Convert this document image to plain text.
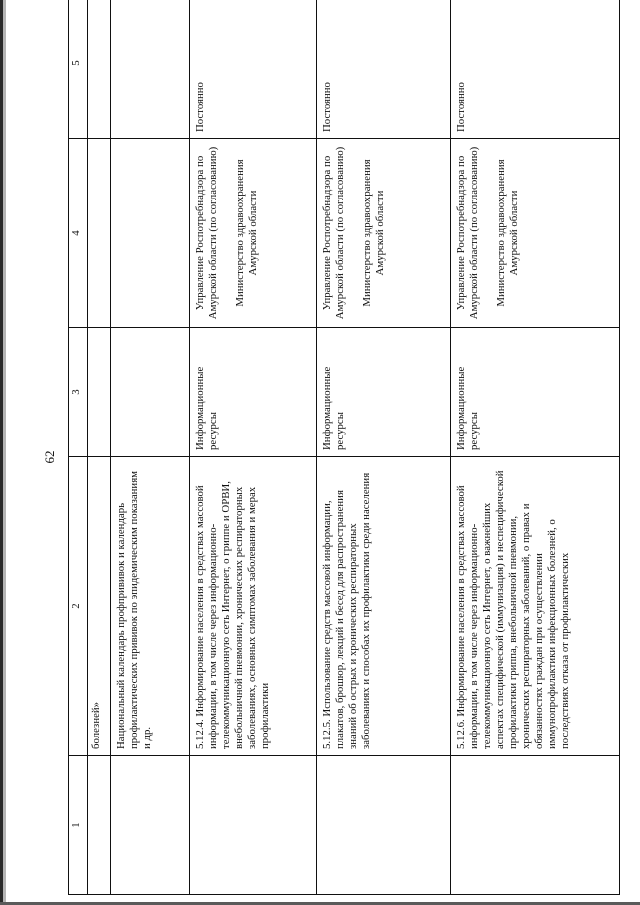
62
1	2	3	4	5
	болезней»			
	Национальный календарь профпрививок и календарь профилактических прививок по эпидемическим показаниям и др.		

	5.12.4. Информирование населения в средствах массовой информации, в том числе через информационно-телекоммуникационную сеть Интернет, о гриппе и ОРВИ, внебольничной пневмонии, хронических респираторных заболеваниях, основных симптомах заболевания и мерах профилактики	Информационные ресурсы	Управление Роспотребнадзора по Амурской области (по согласованию) Министерство здравоохранения Амурской области	Постоянно
	5.12.5. Использование средств массовой информации, плакатов, брошюр, лекций и бесед для распространения знаний об острых и хронических респираторных заболеваниях и способах их профилактики среди населения	Информационные ресурсы	Управление Роспотребнадзора по Амурской области (по согласованию) Министерство здравоохранения Амурской области	Постоянно
	5.12.6. Информирование населения в средствах массовой информации, в том числе через информационно-телекоммуникационную сеть Интернет, о важнейших аспектах специфической (иммунизация) и неспецифической профилактики гриппа, внебольничной пневмонии, хронических респираторных заболеваний, о правах и обязанностях граждан при осуществлении иммунопрофилактики инфекционных болезней, о последствиях отказа от профилактических	Информационные ресурсы	Управление Роспотребнадзора по Амурской области (по согласованию) Министерство здравоохранения Амурской области	Постоянно
